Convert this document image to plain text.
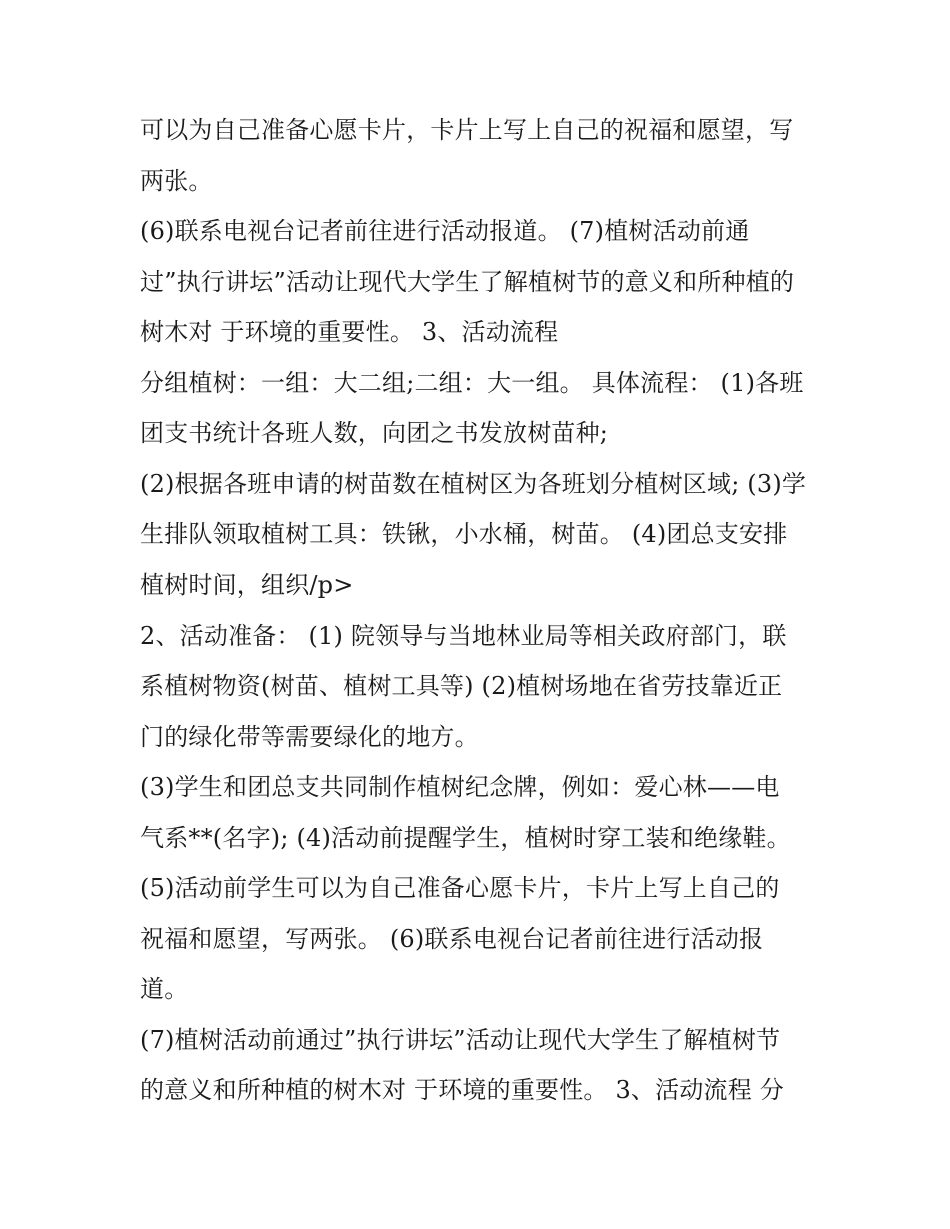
可以为自己准备心愿卡片，卡片上写上自己的祝福和愿望，写
两张。
(6)联系电视台记者前往进行活动报道。 (7)植树活动前通
过”执行讲坛”活动让现代大学生了解植树节的意义和所种植的
树木对 于环境的重要性。 3、活动流程
分组植树：一组：大二组;二组：大一组。 具体流程： (1)各班
团支书统计各班人数，向团之书发放树苗种;
(2)根据各班申请的树苗数在植树区为各班划分植树区域; (3)学
生排队领取植树工具：铁锹，小水桶，树苗。 (4)团总支安排
植树时间，组织/p>
2、活动准备： (1) 院领导与当地林业局等相关政府部门，联
系植树物资(树苗、植树工具等) (2)植树场地在省劳技靠近正
门的绿化带等需要绿化的地方。
(3)学生和团总支共同制作植树纪念牌，例如：爱心林——电
气系**(名字); (4)活动前提醒学生，植树时穿工装和绝缘鞋。
(5)活动前学生可以为自己准备心愿卡片，卡片上写上自己的
祝福和愿望，写两张。 (6)联系电视台记者前往进行活动报
道。
(7)植树活动前通过”执行讲坛”活动让现代大学生了解植树节
的意义和所种植的树木对 于环境的重要性。 3、活动流程 分
